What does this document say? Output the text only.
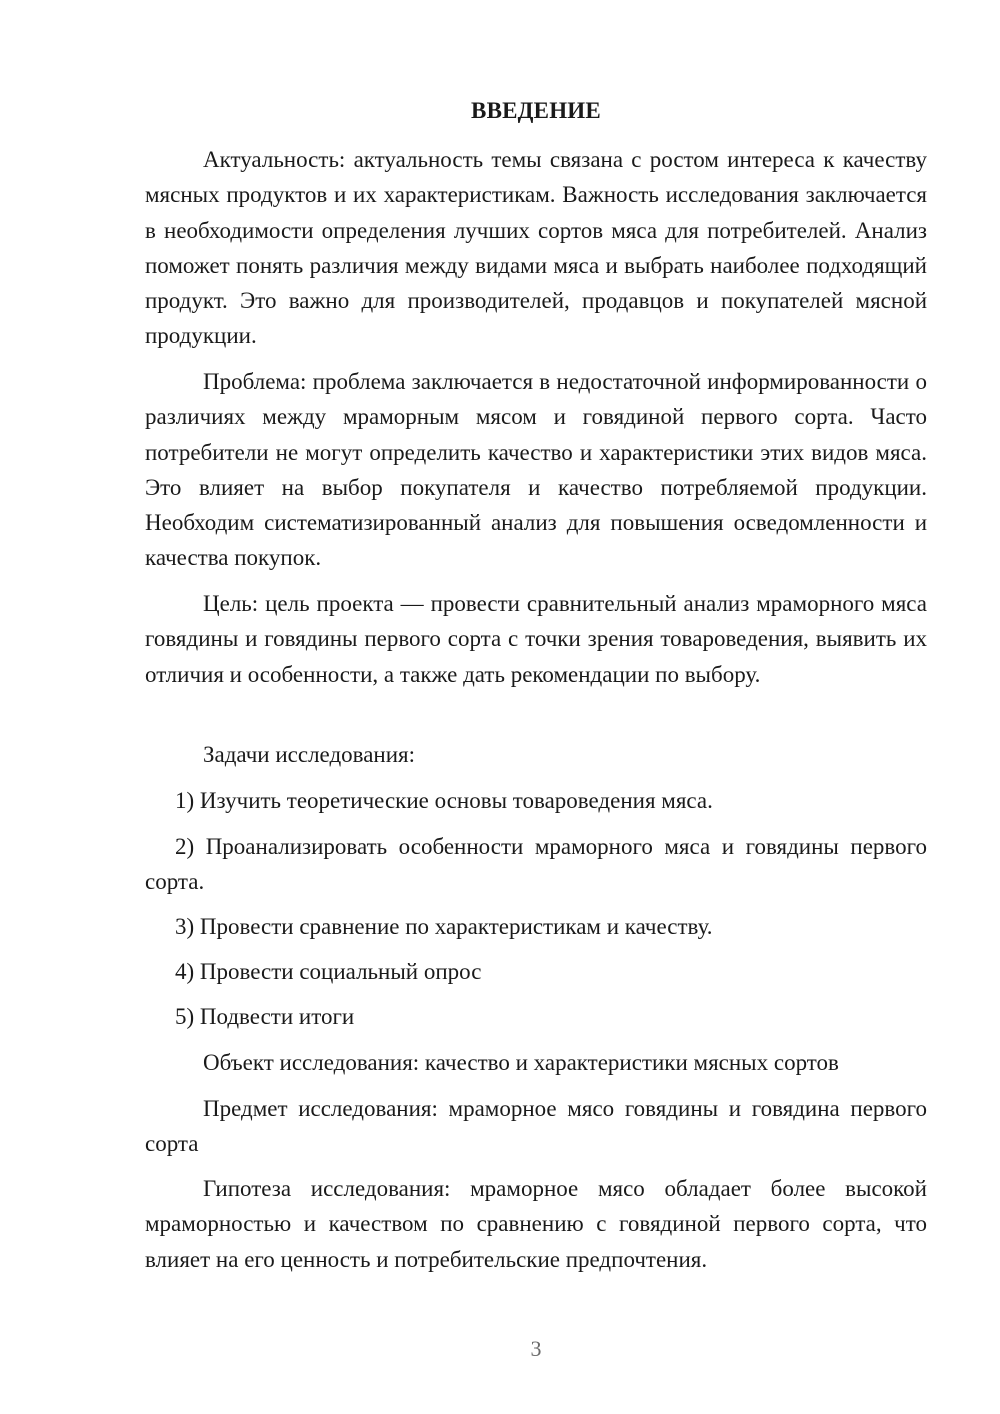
ВВЕДЕНИЕ

Актуальность: актуальность темы связана с ростом интереса к качеству мясных продуктов и их характеристикам. Важность исследования заключается в необходимости определения лучших сортов мяса для потребителей. Анализ поможет понять различия между видами мяса и выбрать наиболее подходящий продукт. Это важно для производителей, продавцов и покупателей мясной продукции.

Проблема: проблема заключается в недостаточной информированности о различиях между мраморным мясом и говядиной первого сорта. Часто потребители не могут определить качество и характеристики этих видов мяса. Это влияет на выбор покупателя и качество потребляемой продукции. Необходим систематизированный анализ для повышения осведомленности и качества покупок.

Цель: цель проекта — провести сравнительный анализ мраморного мяса говядины и говядины первого сорта с точки зрения товароведения, выявить их отличия и особенности, а также дать рекомендации по выбору.

Задачи исследования:

1) Изучить теоретические основы товароведения мяса.

2) Проанализировать особенности мраморного мяса и говядины первого сорта.

3) Провести сравнение по характеристикам и качеству.

4) Провести социальный опрос

5) Подвести итоги

Объект исследования: качество и характеристики мясных сортов

Предмет исследования: мраморное мясо говядины и говядина первого сорта

Гипотеза исследования: мраморное мясо обладает более высокой мраморностью и качеством по сравнению с говядиной первого сорта, что влияет на его ценность и потребительские предпочтения.

3
